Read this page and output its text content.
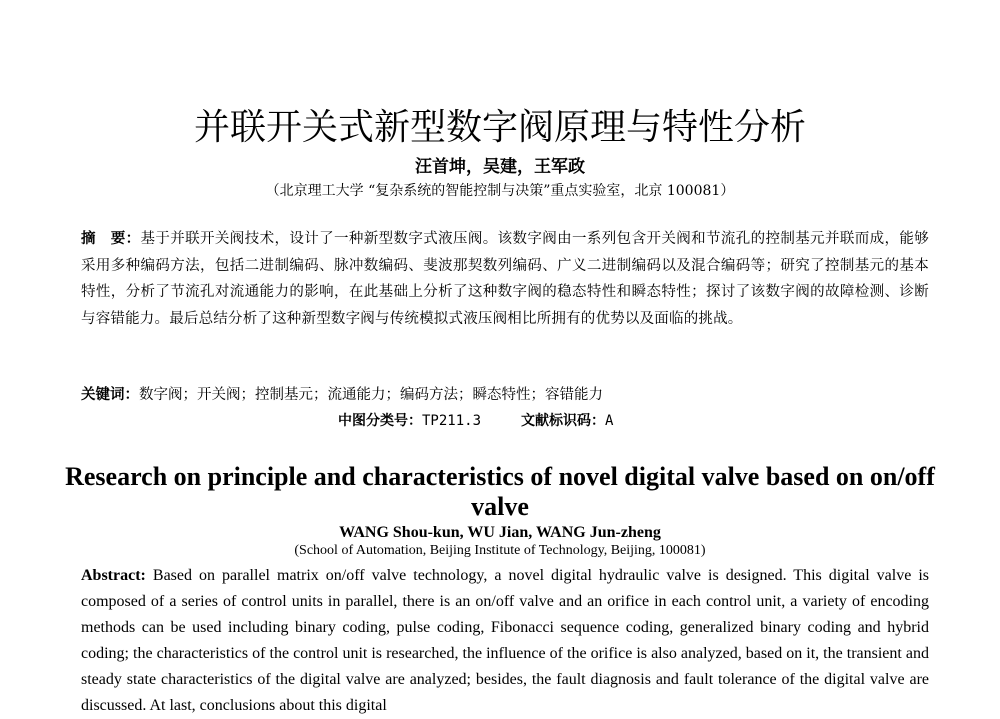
并联开关式新型数字阀原理与特性分析
汪首坤，吴建，王军政
（北京理工大学 “复杂系统的智能控制与决策”重点实验室，北京 100081）
摘　要：基于并联开关阀技术，设计了一种新型数字式液压阀。该数字阀由一系列包含开关阀和节流孔的控制基元并联而成，能够采用多种编码方法，包括二进制编码、脉冲数编码、斐波那契数列编码、广义二进制编码以及混合编码等；研究了控制基元的基本特性，分析了节流孔对流通能力的影响，在此基础上分析了这种数字阀的稳态特性和瞬态特性；探讨了该数字阀的故障检测、诊断与容错能力。最后总结分析了这种新型数字阀与传统模拟式液压阀相比所拥有的优势以及面临的挑战。
关键词：数字阀；开关阀；控制基元；流通能力；编码方法；瞬态特性；容错能力
中图分类号：TP211.3	文献标识码：A
Research on principle and characteristics of novel digital valve based on on/off valve
WANG Shou-kun, WU Jian, WANG Jun-zheng
(School of Automation, Beijing Institute of Technology, Beijing, 100081)
Abstract: Based on parallel matrix on/off valve technology, a novel digital hydraulic valve is designed. This digital valve is composed of a series of control units in parallel, there is an on/off valve and an orifice in each control unit, a variety of encoding methods can be used including binary coding, pulse coding, Fibonacci sequence coding, generalized binary coding and hybrid coding; the characteristics of the control unit is researched, the influence of the orifice is also analyzed, based on it, the transient and steady state characteristics of the digital valve are analyzed; besides, the fault diagnosis and fault tolerance of the digital valve are discussed. At last, conclusions about this digital
